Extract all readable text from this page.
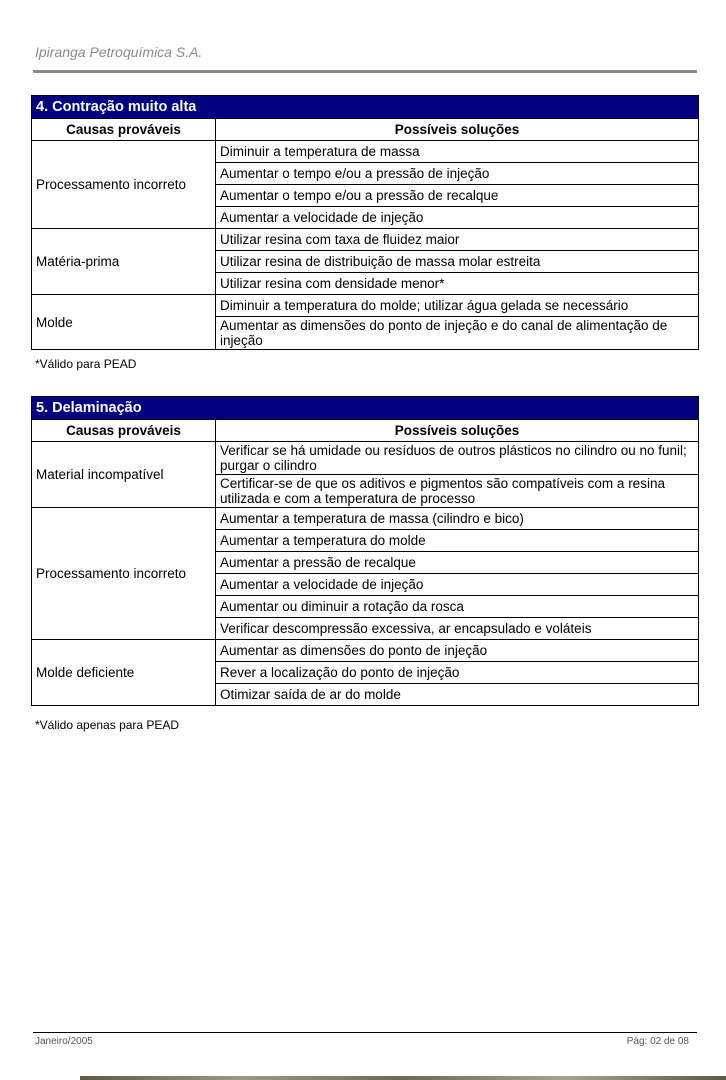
Ipiranga Petroquímica S.A.
4. Contração muito alta	
Causas prováveis	Possíveis soluções
Processamento incorreto	Diminuir a temperatura de massa
	Aumentar o tempo e/ou a pressão de injeção
	Aumentar o tempo e/ou a pressão de recalque
	Aumentar a velocidade de injeção
Matéria-prima	Utilizar resina com taxa de fluidez maior
	Utilizar resina de distribuição de massa molar estreita
	Utilizar resina com densidade menor*
Molde	Diminuir a temperatura do molde; utilizar água gelada se necessário
	Aumentar as dimensões do ponto de injeção e do canal de alimentação de injeção
*Válido para PEAD
5. Delaminação	
Causas prováveis	Possíveis soluções
Material incompatível	Verificar se há umidade ou resíduos de outros plásticos no cilindro ou no funil; purgar o cilindro
	Certificar-se de que os aditivos e pigmentos são compatíveis com a resina utilizada e com a temperatura de processo
Processamento incorreto	Aumentar a temperatura de massa (cilindro e bico)
	Aumentar a temperatura do molde
	Aumentar a pressão de recalque
	Aumentar a velocidade de injeção
	Aumentar ou diminuir a rotação da rosca
	Verificar descompressão excessiva, ar encapsulado e voláteis
Molde deficiente	Aumentar as dimensões do ponto de injeção
	Rever a localização do ponto de injeção
	Otimizar saída de ar do molde
*Válido apenas para PEAD
Janeiro/2005	Pág: 02 de 08
